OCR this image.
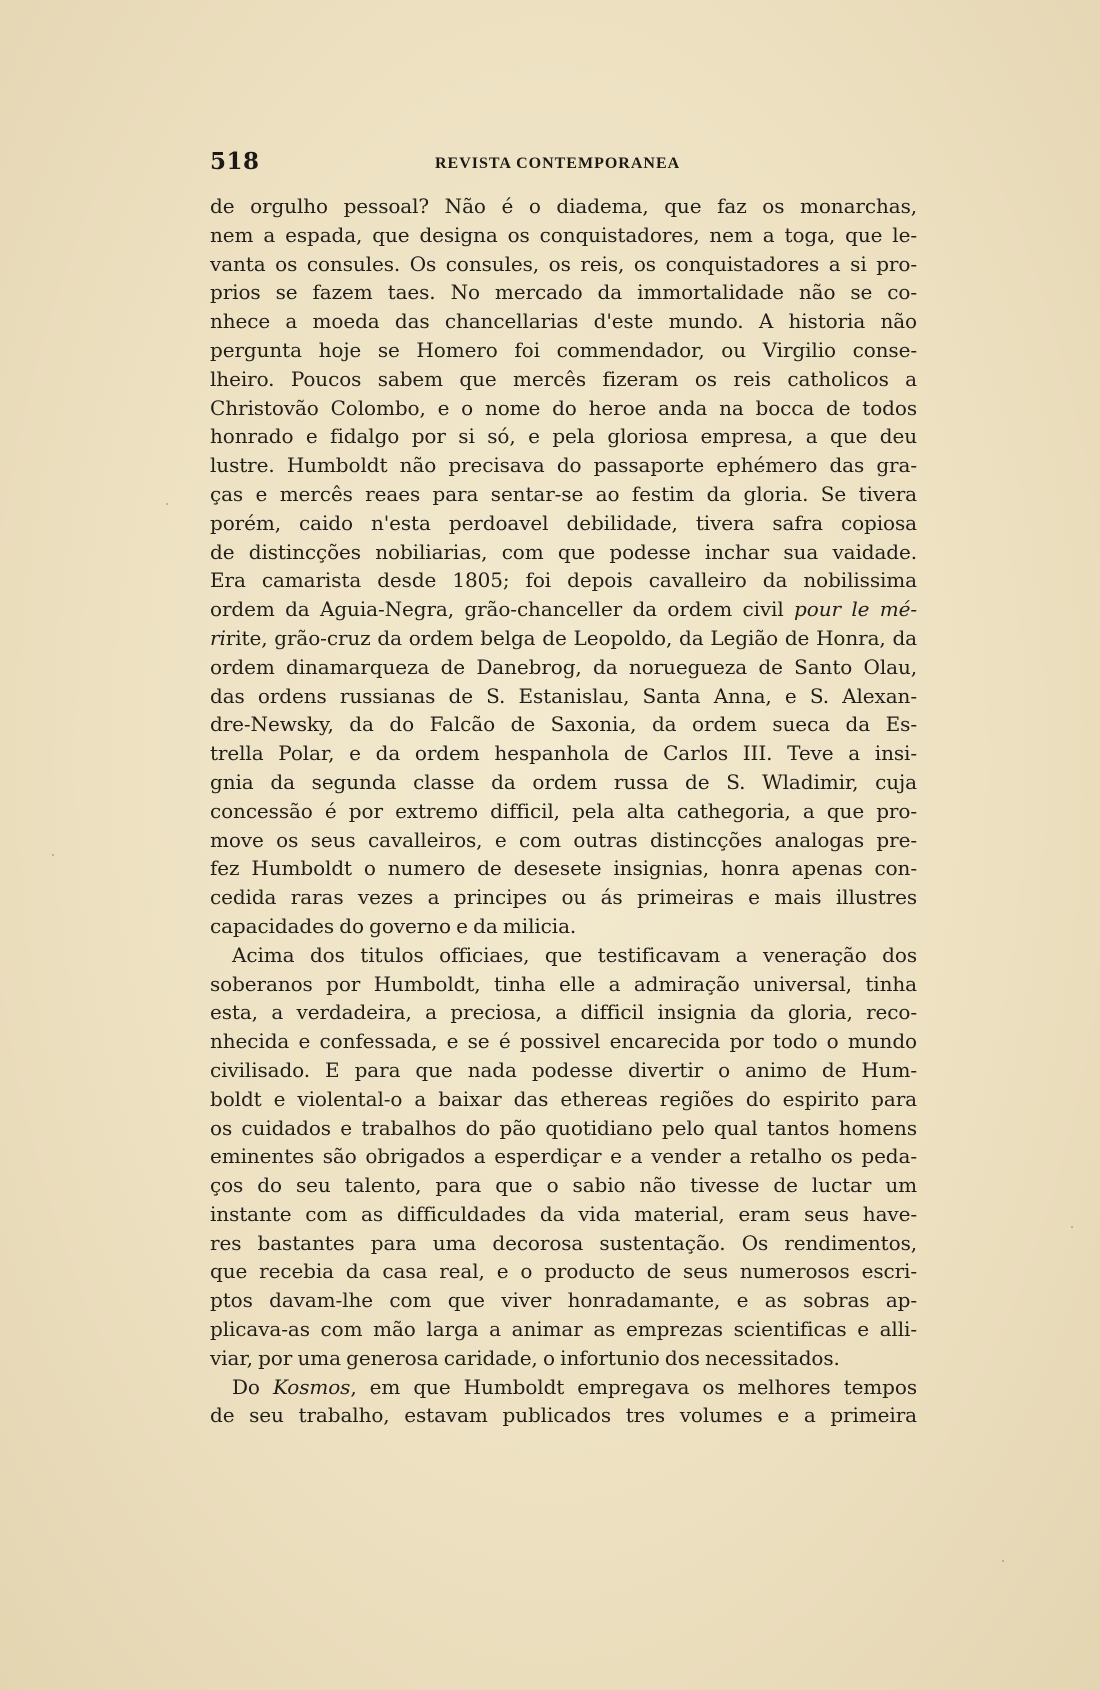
518	REVISTA CONTEMPORANEA
de orgulho pessoal? Não é o diadema, que faz os monarchas,
nem a espada, que designa os conquistadores, nem a toga, que le-
vanta os consules. Os consules, os reis, os conquistadores a si pro-
prios se fazem taes. No mercado da immortalidade não se co-
nhece a moeda das chancellarias d'este mundo. A historia não
pergunta hoje se Homero foi commendador, ou Virgilio conse-
lheiro. Poucos sabem que mercês fizeram os reis catholicos a
Christovão Colombo, e o nome do heroe anda na bocca de todos
honrado e fidalgo por si só, e pela gloriosa empresa, a que deu
lustre. Humboldt não precisava do passaporte ephémero das gra-
ças e mercês reaes para sentar-se ao festim da gloria. Se tivera
porém, caido n'esta perdoavel debilidade, tivera safra copiosa
de distincções nobiliarias, com que podesse inchar sua vaidade.
Era camarista desde 1805; foi depois cavalleiro da nobilissima
ordem da Aguia-Negra, grão-chanceller da ordem civil pour le mé-
ririte, grão-cruz da ordem belga de Leopoldo, da Legião de Honra, da
ordem dinamarqueza de Danebrog, da norueguezа de Santo Olau,
das ordens russianas de S. Estanislau, Santa Anna, e S. Alexan-
dre-Newsky, da do Falcão de Saxonia, da ordem sueca da Es-
trella Polar, e da ordem hespanhola de Carlos III. Teve a insi-
gnia da segunda classe da ordem russa de S. Wladimir, cuja
concessão é por extremo difficil, pela alta cathegoria, a que pro-
move os seus cavalleiros, e com outras distincções analogas pre-
fez Humboldt o numero de desesete insignias, honra apenas con-
cedida raras vezes a principes ou ás primeiras e mais illustres
capacidades do governo e da milicia.
Acima dos titulos officiaes, que testificavam a veneração dos
soberanos por Humboldt, tinha elle a admiração universal, tinha
esta, a verdadeira, a preciosa, a difficil insignia da gloria, reco-
nhecida e confessada, e se é possivel encarecida por todo o mundo
civilisado. E para que nada podesse divertir o animo de Hum-
boldt e violental-o a baixar das ethereas regiões do espirito para
os cuidados e trabalhos do pão quotidiano pelo qual tantos homens
eminentes são obrigados a esperdiçar e a vender a retalho os peda-
ços do seu talento, para que o sabio não tivesse de luctar um
instante com as difficuldades da vida material, eram seus have-
res bastantes para uma decorosa sustentação. Os rendimentos,
que recebia da casa real, e o producto de seus numerosos escri-
ptos davam-lhe com que viver honradamante, e as sobras ap-
plicava-as com mão larga a animar as emprezas scientificas e alli-
viar, por uma generosa caridade, o infortunio dos necessitados.
Do Kosmos, em que Humboldt empregava os melhores tempos
de seu trabalho, estavam publicados tres volumes e a primeira
